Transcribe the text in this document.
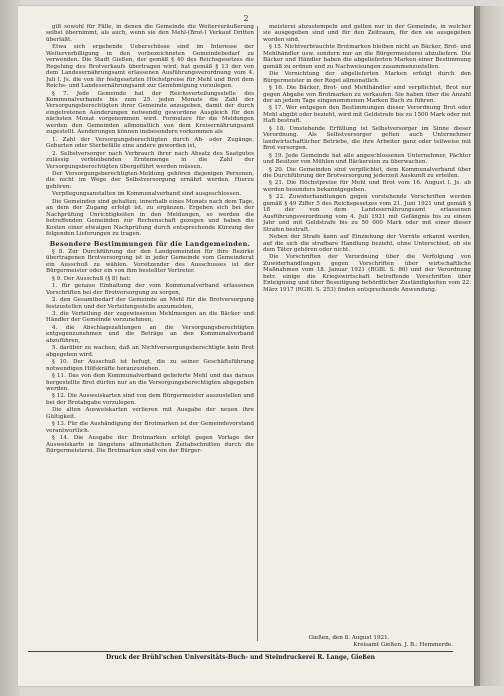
2

gilt sowohl für Fälle, in denen die Gemeinde die Weiterveräußerung selbst übernimmt, als auch, wenn sie den Mehl-(Brot-) Verkauf Dritten überläßt.

Etwa sich ergebende Ueberschüsse sind im Interesse der Weiterverbilligung in den vorbezeichneten Gemeindebedarf zu verwenden. Die Stadt Gießen, der gemäß § 40 des Reichsgesetzes die Regelung des Brotverkaufs übertragen wird, hat gemäß § 13 der von dem Landesernährungsamt erlassenen Ausführungsverordnung vom 4. Juli l. Js. die von ihr festgesetzten Höchstpreise für Mehl und Brot dem Reichs- und Landesernährungsamt zur Genehmigung vorzulegen.

§ 7. Jede Gemeinde hat der Reichsverteilungsstelle des Kommunalverbands bis zum 25. jeden Monats die Zahl der Versorgungsberechtigten ihrer Gemeinde anzugeben, damit der durch eingetretenen Aenderungen notwendig gewordene Ausgleich für den nächsten Monat vorgenommen wird. Formulare für die Meldungen werden den Gemeinden allmonatlich von dem Kreisernährungsamt zugestellt. Aenderungen können insbesondere vorkommen als

1. Zahl der Versorgungsberechtigten durch Ab- oder Zugänge, Geburten oder Sterbefälle eine andere geworden ist,

2. Selbstversorger nach Verbrauch ihrer nach Absatz des Saatgutes zulässig verbleibenden Erntemenge in die Zahl der Versorgungsberechtigten übergeführt werden müssen.

Der Versorgungsberechtigten-Meldung gehören diejenigen Personen, die nicht im Wege der Selbstversorgung ernährt werden. Hierzu gehören:

Verpflegungsanstalten im Kommunalverband sind ausgeschlossen.

Die Gemeinden sind gehalten, innerhalb eines Monats nach dem Tage, an dem der Zugang erfolgt ist, zu ergänzen. Ergeben sich bei der Nachprüfung Unrichtigkeiten in den Meldungen, so werden die betreffenden Gemeinden zur Rechenschaft gezogen und haben die Kosten einer etwaigen Nachprüfung durch entsprechende Kürzung der folgenden Lieferungen zu tragen.

Besondere Bestimmungen für die Landgemeinden.

§ 8. Zur Durchführung der den Landgemeinden für ihre Bezirke übertragenen Brotversorgung ist in jeder Gemeinde vom Gemeinderat ein Ausschuß zu wählen. Vorsitzender des Ausschusses ist der Bürgermeister oder ein von ihm bestellter Vertreter.

§ 9. Der Ausschuß (§ 8) hat:

1. für genaue Einhaltung der vom Kommunalverband erlassenen Vorschriften bei der Brotversorgung zu sorgen,

2. den Gesamtbedarf der Gemeinde an Mehl für die Brotversorgung festzustellen und der Verteilungsstelle anzumelden,

3. die Verteilung der zugewiesenen Mehlmengen an die Bäcker und Händler der Gemeinde vorzunehmen,

4. die Abschlagszahlungen an die Versorgungsberechtigten entgegenzunehmen und die Beträge an den Kommunalverband abzuführen,

5. darüber zu wachen, daß an Nichtversorgungsberechtigte kein Brot abgegeben wird.

§ 10. Der Ausschuß ist befugt, die zu seiner Geschäftsführung notwendigen Hilfskräfte heranzuziehen.

§ 11. Das von dem Kommunalverband gelieferte Mehl und das daraus hergestellte Brot dürfen nur an die Versorgungsberechtigten abgegeben werden.

§ 12. Die Ausweiskarten sind von dem Bürgermeister auszustellen und bei der Brotabgabe vorzulegen.

Die alten Ausweiskarten verlieren mit Ausgabe der neuen ihre Gültigkeit.

§ 13. Für die Aushändigung der Brotmarken ist der Gemeindevorstand verantwortlich.

§ 14. Die Ausgabe der Brotmarken erfolgt gegen Vorlage der Ausweiskarte in längstens allmonatlichen Zeitabschnitten durch die Bürgermeisterei. Die Brotmarken sind von der Bürger-

meisterei abzustempeln und gelten nur in der Gemeinde, in welcher sie ausgegeben sind und für den Zeitraum, für den sie ausgegeben worden sind.

§ 15. Nichtverbrauchte Brotmarken bleiben nicht an Bäcker, Brot- und Mehlhändler usw. sondern nur an die Bürgermeisterei abzuliefern. Die Bäcker und Händler haben die abgelieferten Marken einer Bestimmung gemäß zu ordnen und zu Nachweisungen zusammenzustellen.

Die Vernichtung der abgelieferten Marken erfolgt durch den Bürgermeister in der Regel allmonatlich.

§ 16. Die Bäcker, Brot- und Mehlhändler sind verpflichtet, Brot nur gegen Abgabe von Brotmarken zu verkaufen. Sie haben über die Anzahl der an jedem Tage eingenommenen Marken Buch zu führen.

§ 17. Wer entgegen den Bestimmungen dieser Verordnung Brot oder Mehl abgibt oder bezieht, wird mit Geldstrafe bis zu 1500 Mark oder mit Haft bestraft.

§ 18. Umstehende Erfüllung ist Selbstversorger im Sinne dieser Verordnung. Als Selbstversorger gelten auch Unternehmer landwirtschaftlicher Betriebe, die ihre Arbeiter ganz oder teilweise mit Brot versorgen.

§ 19. Jede Gemeinde hat alle angeschlossenen Unternehmer, Pächter und Besitzer von Mühlen und Bäckereien zu überwachen.

§ 20. Die Gemeinden sind verpflichtet, dem Kommunalverband über die Durchführung der Brotversorgung jederzeit Auskunft zu erteilen.

§ 21. Die Höchstpreise für Mehl und Brot vom 16. August l. Js. ab werden besonders bekanntgegeben.

§ 22. Zuwiderhandlungen gegen vorstehende Vorschriften werden gemäß § 49 Ziffer 5 des Reichsgesetzes vom 21. Juni 1921 und gemäß § 18 der von dem Landesernährungsamt erlassenen Ausführungsverordnung vom 4. Juli 1921 mit Gefängnis bis zu einem Jahr und mit Geldstrafe bis zu 50 000 Mark oder mit einer dieser Strafen bestraft.

Neben der Strafe kann auf Einziehung der Vorräte erkannt werden, auf die sich die strafbare Handlung bezieht, ohne Unterschied, ob sie dem Täter gehören oder nicht.

Die Vorschriften der Verordnung über die Verfolgung von Zuwiderhandlungen gegen Vorschriften über wirtschaftliche Maßnahmen vom 18. Januar 1921 (RGBl. S. 86) und der Verordnung betr. einige die Kriegswirtschaft betreffende Vorschriften über Enteignung und über Beseitigung behördlicher Zuständigkeiten vom 22. März 1917 (RGBl. S. 253) finden entsprechende Anwendung.

Gießen, den 8. August 1921.
Kreisamt Gießen. J. B.: Hemmerde.
Druck der Brühl'schen Universitäts-Buch- und Steindruckerei R. Lange, Gießen
